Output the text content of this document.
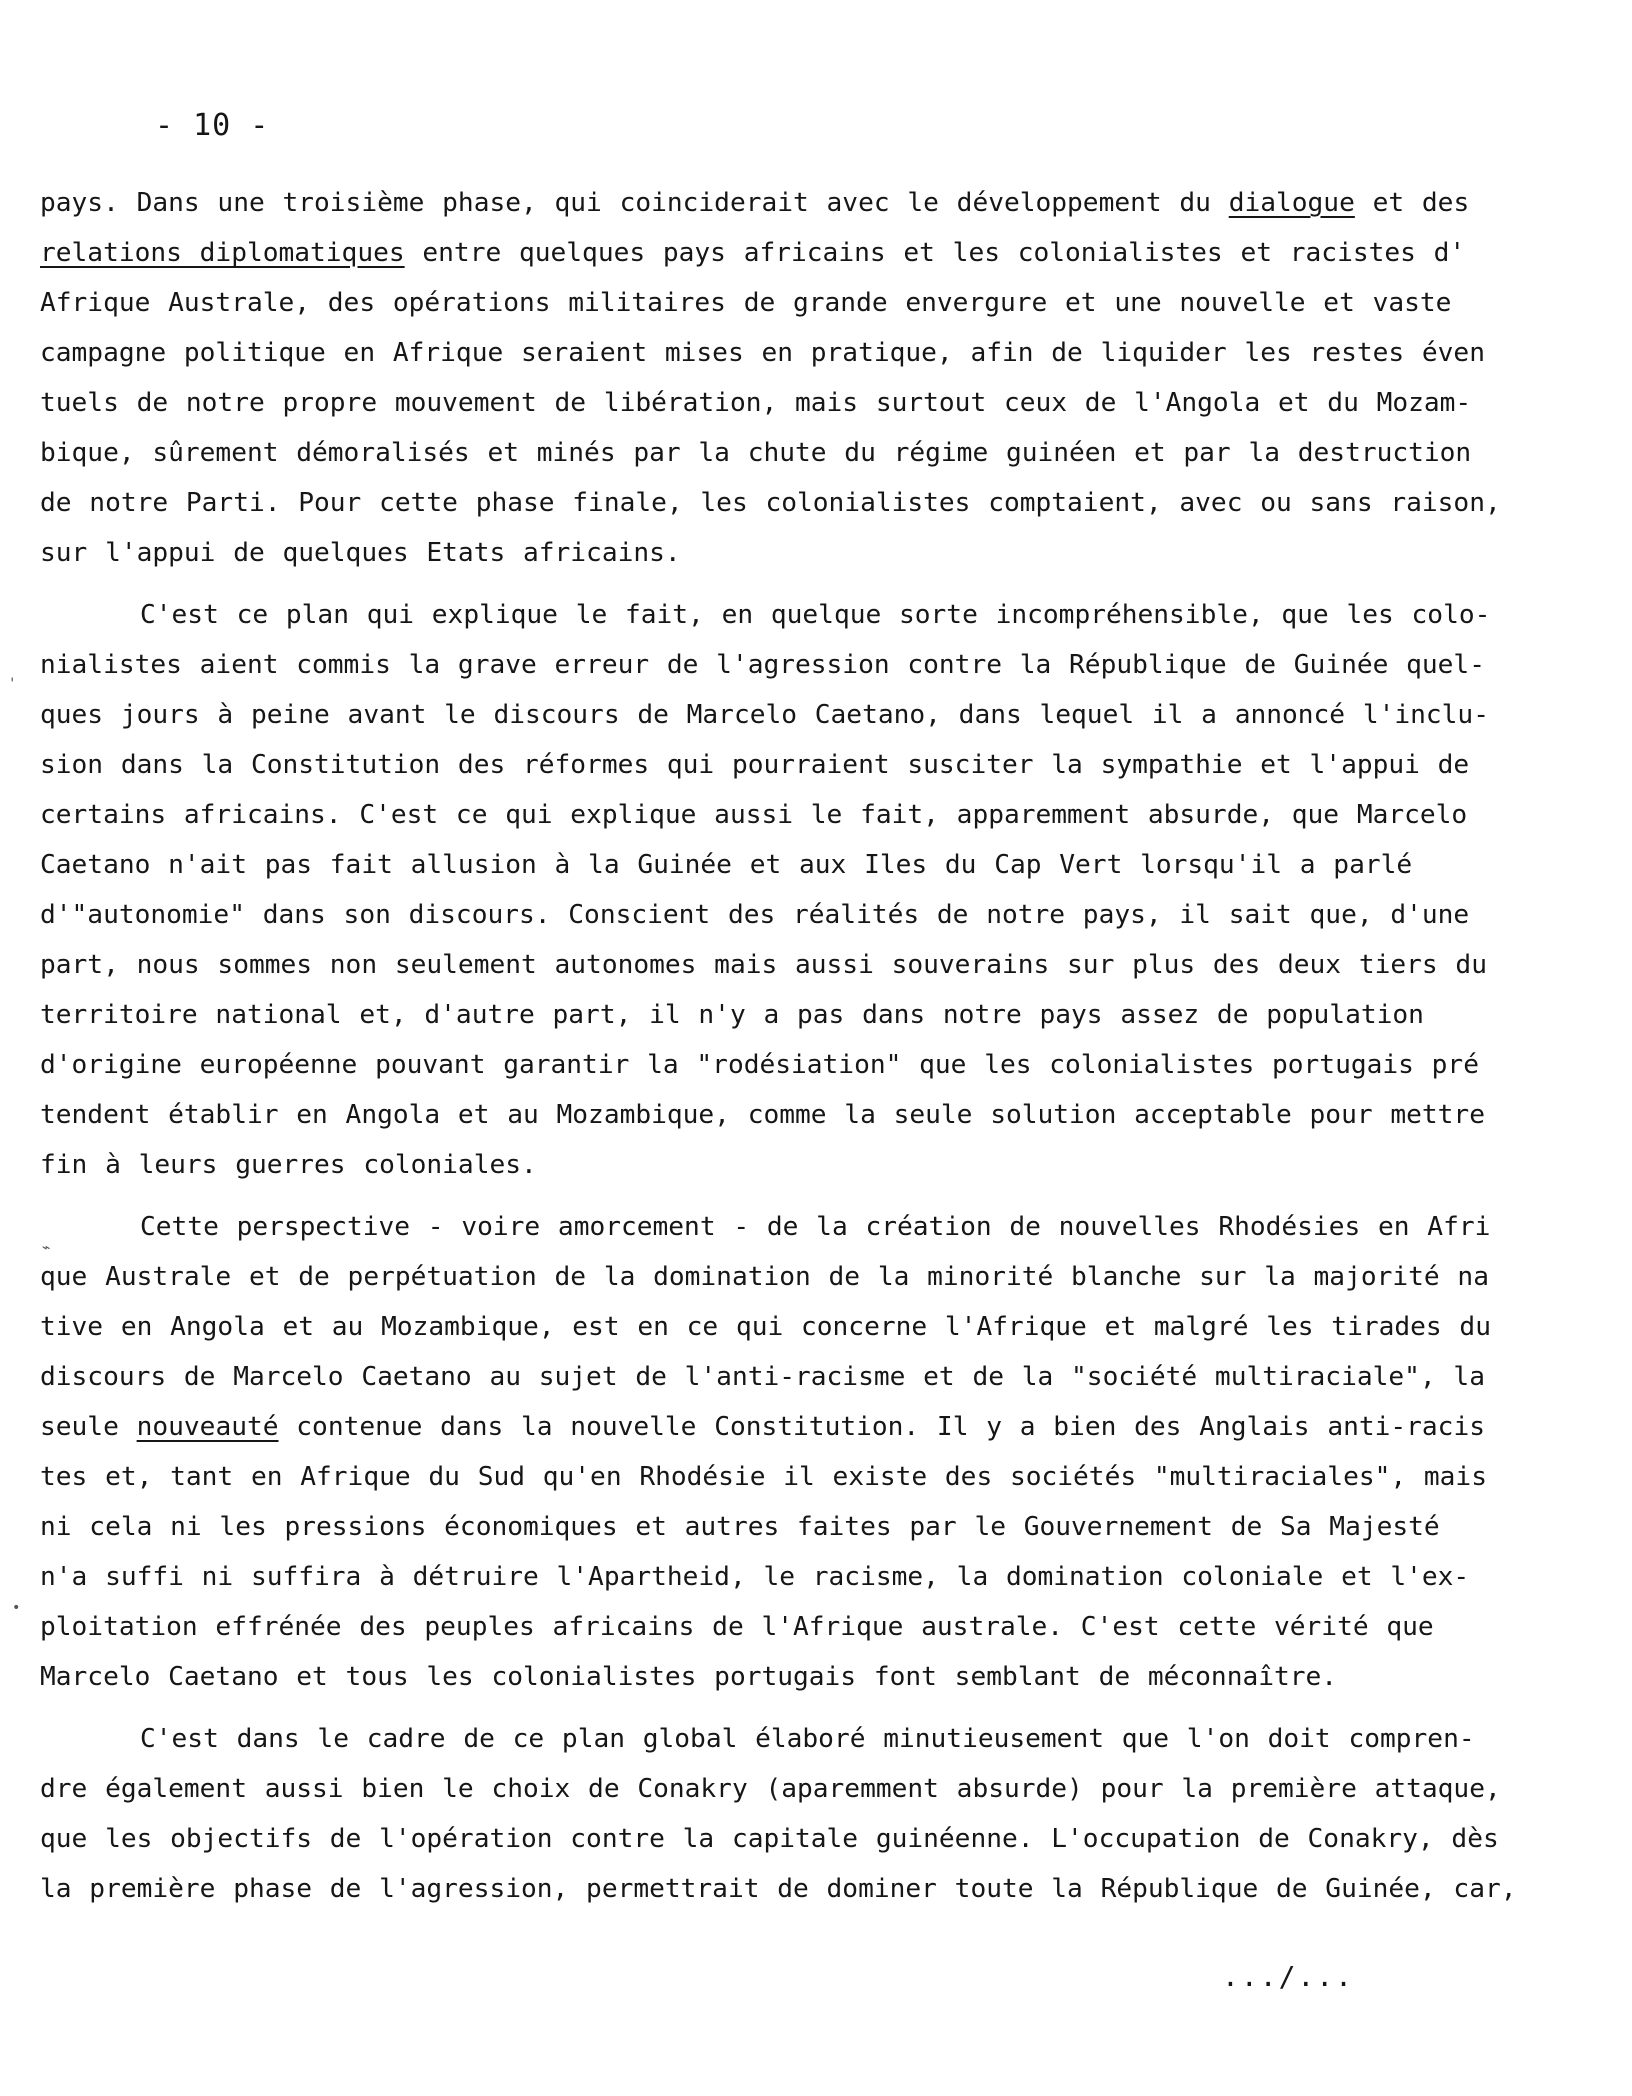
- 10 -
'
⌁
•
pays. Dans une troisième phase, qui coinciderait avec le développement du dialogue et des
relations diplomatiques entre quelques pays africains et les colonialistes et racistes d'
Afrique Australe, des opérations militaires de grande envergure et une nouvelle et vaste
campagne politique en Afrique seraient mises en pratique, afin de liquider les restes éven
tuels de notre propre mouvement de libération, mais surtout ceux de l'Angola et du Mozam-
bique, sûrement démoralisés et minés par la chute du régime guinéen et par la destruction
de notre Parti. Pour cette phase finale, les colonialistes comptaient, avec ou sans raison,
sur l'appui de quelques Etats africains.
C'est ce plan qui explique le fait, en quelque sorte incompréhensible, que les colo-
nialistes aient commis la grave erreur de l'agression contre la République de Guinée quel-
ques jours à peine avant le discours de Marcelo Caetano, dans lequel il a annoncé l'inclu-
sion dans la Constitution des réformes qui pourraient susciter la sympathie et l'appui de
certains africains. C'est ce qui explique aussi le fait, apparemment absurde, que Marcelo
Caetano n'ait pas fait allusion à la Guinée et aux Iles du Cap Vert lorsqu'il a parlé
d'"autonomie" dans son discours. Conscient des réalités de notre pays, il sait que, d'une
part, nous sommes non seulement autonomes mais aussi souverains sur plus des deux tiers du
territoire national et, d'autre part, il n'y a pas dans notre pays assez de population
d'origine européenne pouvant garantir la "rodésiation" que les colonialistes portugais pré
tendent établir en Angola et au Mozambique, comme la seule solution acceptable pour mettre
fin à leurs guerres coloniales.
Cette perspective - voire amorcement - de la création de nouvelles Rhodésies en Afri
que Australe et de perpétuation de la domination de la minorité blanche sur la majorité na
tive en Angola et au Mozambique, est en ce qui concerne l'Afrique et malgré les tirades du
discours de Marcelo Caetano au sujet de l'anti-racisme et de la "société multiraciale", la
seule nouveauté contenue dans la nouvelle Constitution. Il y a bien des Anglais anti-racis
tes et, tant en Afrique du Sud qu'en Rhodésie il existe des sociétés "multiraciales", mais
ni cela ni les pressions économiques et autres faites par le Gouvernement de Sa Majesté
n'a suffi ni suffira à détruire l'Apartheid, le racisme, la domination coloniale et l'ex-
ploitation effrénée des peuples africains de l'Afrique australe. C'est cette vérité que
Marcelo Caetano et tous les colonialistes portugais font semblant de méconnaître.
C'est dans le cadre de ce plan global élaboré minutieusement que l'on doit compren-
dre également aussi bien le choix de Conakry (aparemment absurde) pour la première attaque,
que les objectifs de l'opération contre la capitale guinéenne. L'occupation de Conakry, dès
la première phase de l'agression, permettrait de dominer toute la République de Guinée, car,
.../...
